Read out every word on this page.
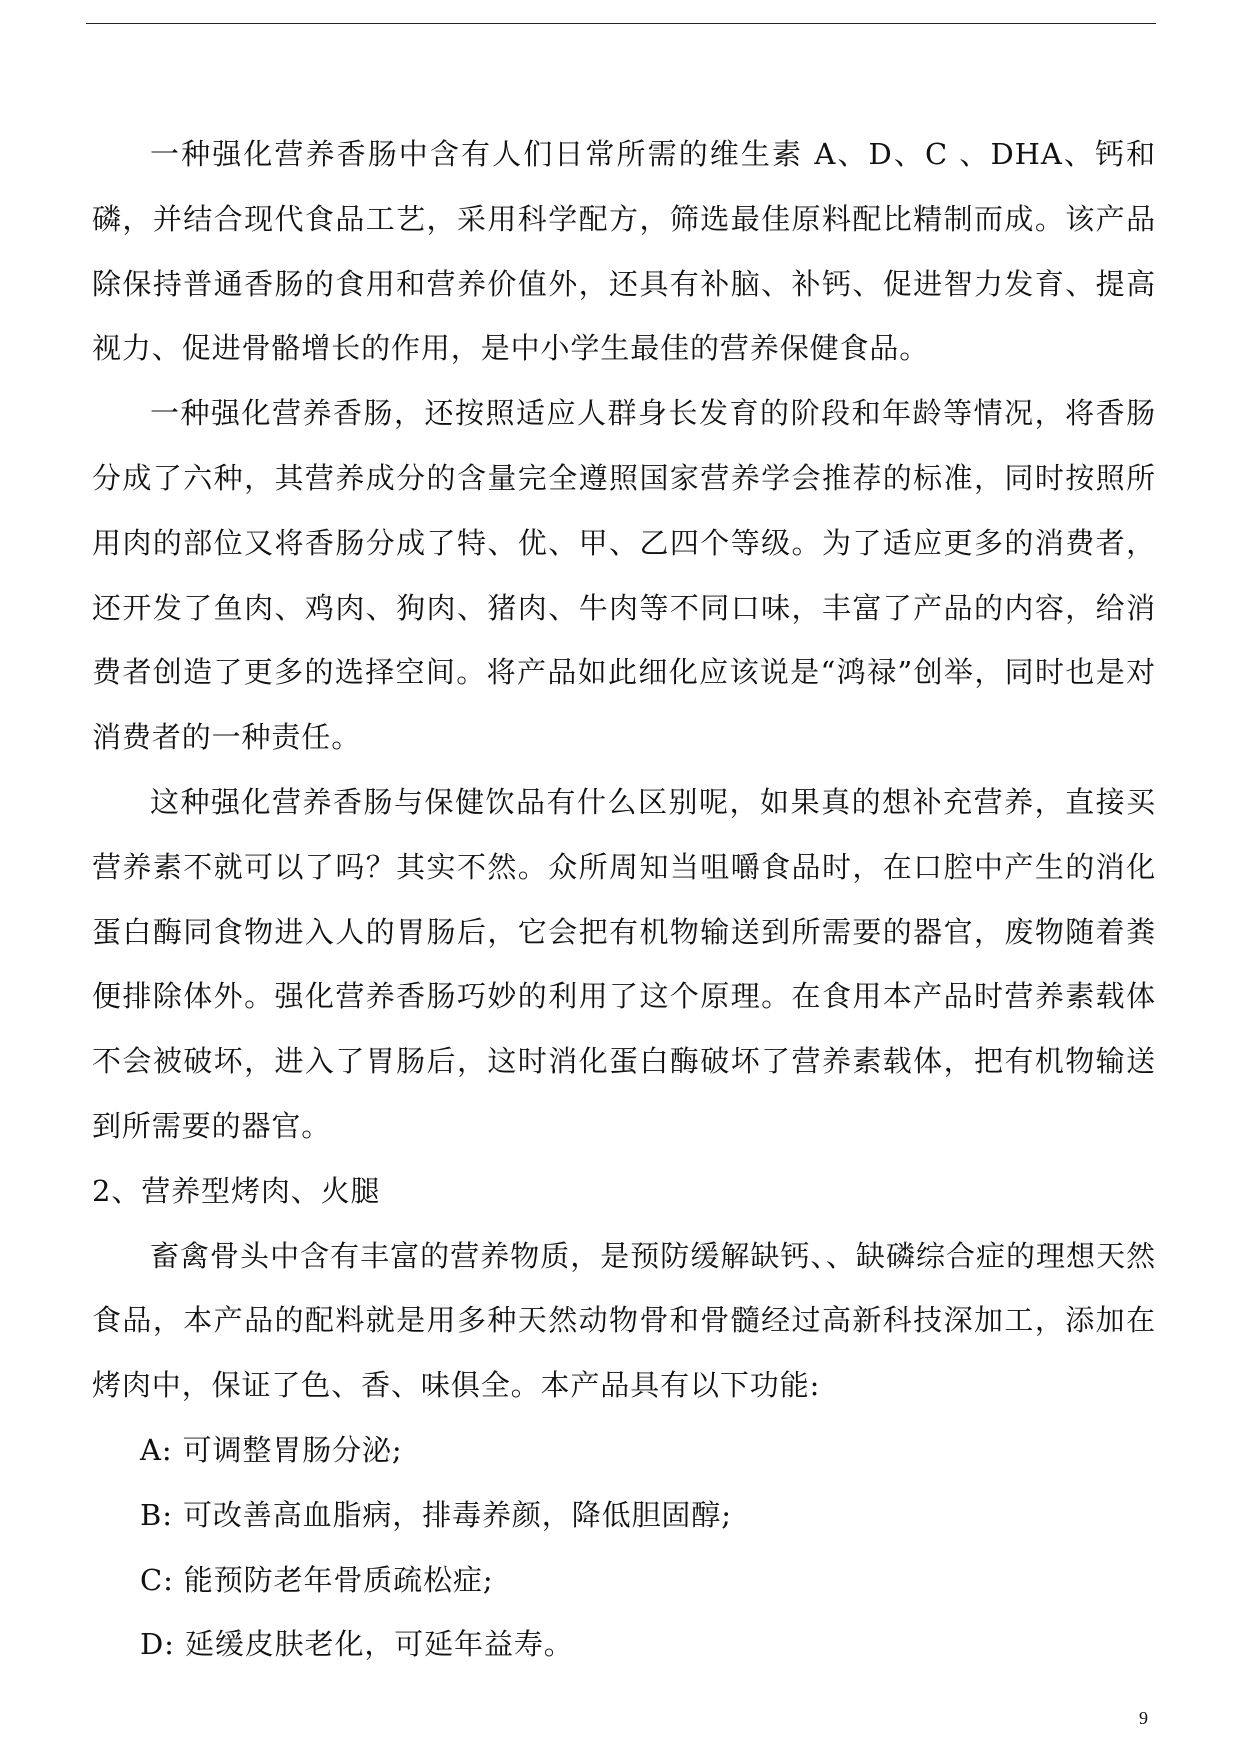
一种强化营养香肠中含有人们日常所需的维生素 A、D、C 、DHA、钙和磷，并结合现代食品工艺，采用科学配方，筛选最佳原料配比精制而成。该产品除保持普通香肠的食用和营养价值外，还具有补脑、补钙、促进智力发育、提高视力、促进骨骼增长的作用，是中小学生最佳的营养保健食品。

一种强化营养香肠，还按照适应人群身长发育的阶段和年龄等情况，将香肠分成了六种，其营养成分的含量完全遵照国家营养学会推荐的标准，同时按照所用肉的部位又将香肠分成了特、优、甲、乙四个等级。为了适应更多的消费者，还开发了鱼肉、鸡肉、狗肉、猪肉、牛肉等不同口味，丰富了产品的内容，给消费者创造了更多的选择空间。将产品如此细化应该说是“鸿禄”创举，同时也是对消费者的一种责任。

这种强化营养香肠与保健饮品有什么区别呢，如果真的想补充营养，直接买营养素不就可以了吗？其实不然。众所周知当咀嚼食品时，在口腔中产生的消化蛋白酶同食物进入人的胃肠后，它会把有机物输送到所需要的器官，废物随着粪便排除体外。强化营养香肠巧妙的利用了这个原理。在食用本产品时营养素载体不会被破坏，进入了胃肠后，这时消化蛋白酶破坏了营养素载体，把有机物输送到所需要的器官。

2、营养型烤肉、火腿

畜禽骨头中含有丰富的营养物质，是预防缓解缺钙、、缺磷综合症的理想天然食品，本产品的配料就是用多种天然动物骨和骨髓经过高新科技深加工，添加在烤肉中，保证了色、香、味俱全。本产品具有以下功能:

A: 可调整胃肠分泌;

B: 可改善高血脂病，排毒养颜，降低胆固醇;

C: 能预防老年骨质疏松症;

D: 延缓皮肤老化，可延年益寿。

9
